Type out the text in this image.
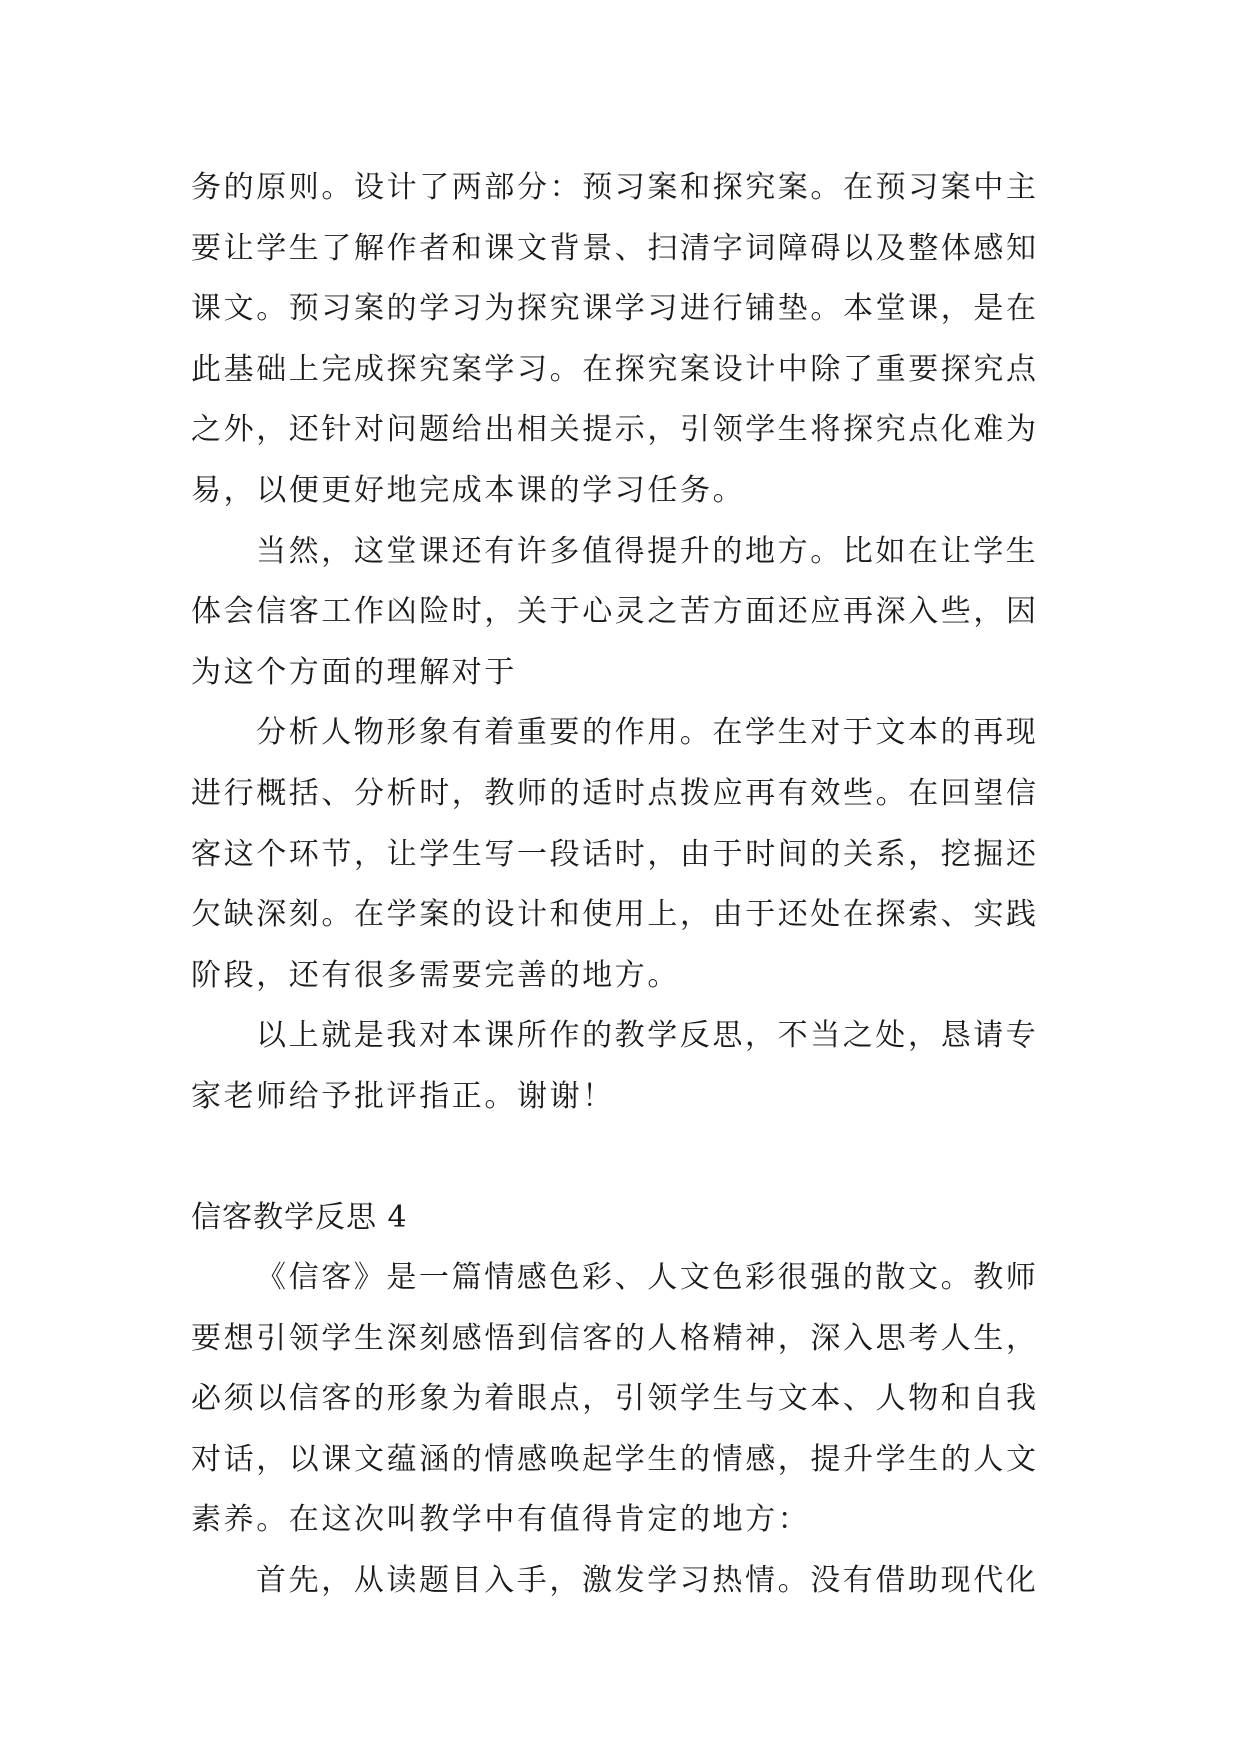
务的原则。设计了两部分：预习案和探究案。在预习案中主
要让学生了解作者和课文背景、扫清字词障碍以及整体感知
课文。预习案的学习为探究课学习进行铺垫。本堂课，是在
此基础上完成探究案学习。在探究案设计中除了重要探究点
之外，还针对问题给出相关提示，引领学生将探究点化难为
易，以便更好地完成本课的学习任务。
当然，这堂课还有许多值得提升的地方。比如在让学生
体会信客工作凶险时，关于心灵之苦方面还应再深入些，因
为这个方面的理解对于
分析人物形象有着重要的作用。在学生对于文本的再现
进行概括、分析时，教师的适时点拨应再有效些。在回望信
客这个环节，让学生写一段话时，由于时间的关系，挖掘还
欠缺深刻。在学案的设计和使用上，由于还处在探索、实践
阶段，还有很多需要完善的地方。
以上就是我对本课所作的教学反思，不当之处，恳请专
家老师给予批评指正。谢谢！
信客教学反思 4
《信客》是一篇情感色彩、人文色彩很强的散文。教师
要想引领学生深刻感悟到信客的人格精神，深入思考人生，
必须以信客的形象为着眼点，引领学生与文本、人物和自我
对话，以课文蕴涵的情感唤起学生的情感，提升学生的人文
素养。在这次叫教学中有值得肯定的地方：
首先，从读题目入手，激发学习热情。没有借助现代化
